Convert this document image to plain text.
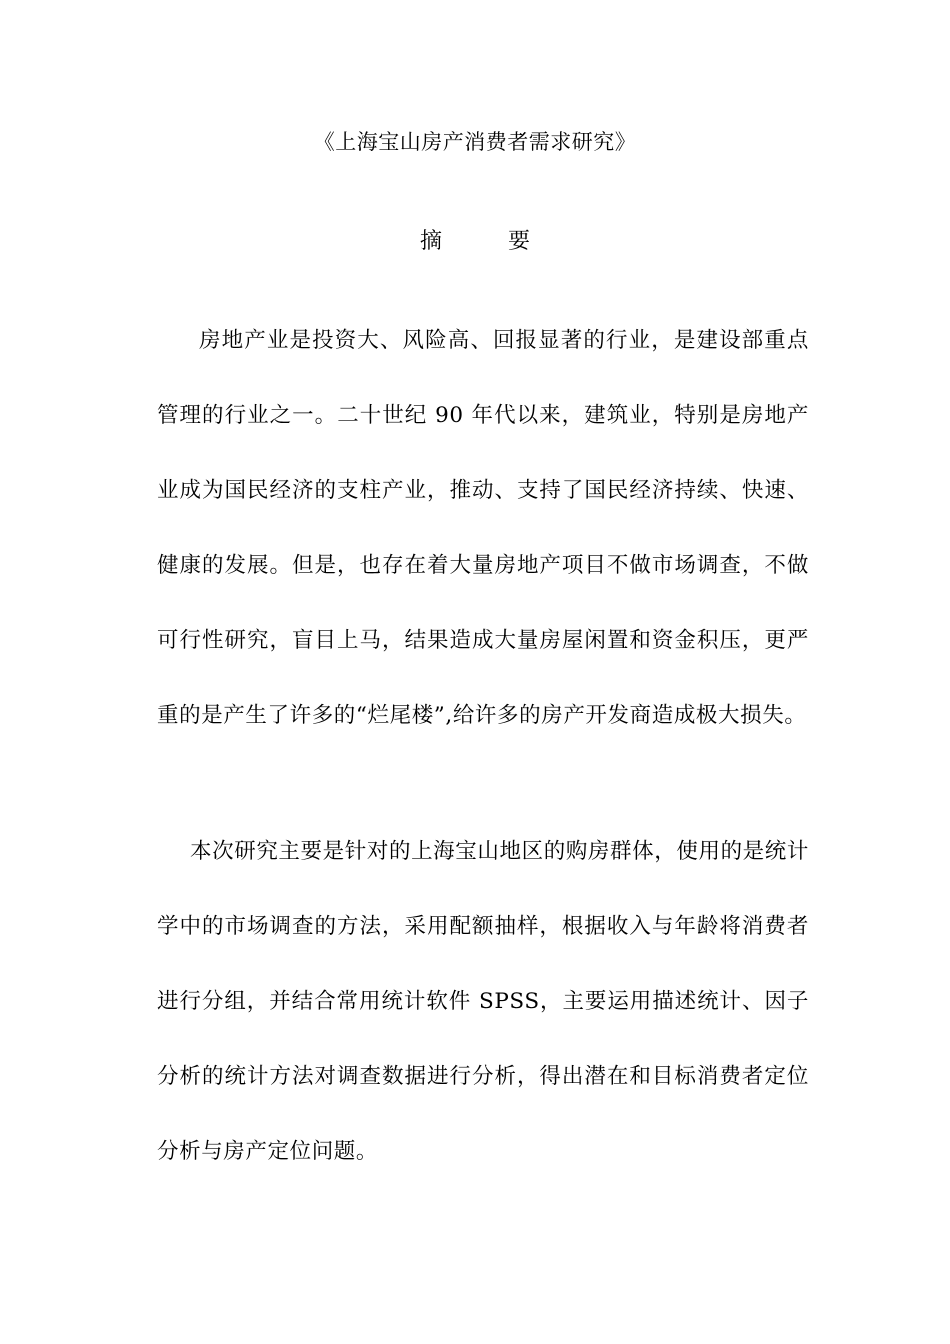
《上海宝山房产消费者需求研究》
摘	要

房地产业是投资大、风险高、回报显著的行业，是建设部重点管理的行业之一。二十世纪 90 年代以来，建筑业，特别是房地产业成为国民经济的支柱产业，推动、支持了国民经济持续、快速、健康的发展。但是，也存在着大量房地产项目不做市场调查，不做可行性研究，盲目上马，结果造成大量房屋闲置和资金积压，更严重的是产生了许多的“烂尾楼”,给许多的房产开发商造成极大损失。

本次研究主要是针对的上海宝山地区的购房群体，使用的是统计学中的市场调查的方法，采用配额抽样，根据收入与年龄将消费者进行分组，并结合常用统计软件 SPSS，主要运用描述统计、因子分析的统计方法对调查数据进行分析，得出潜在和目标消费者定位分析与房产定位问题。
